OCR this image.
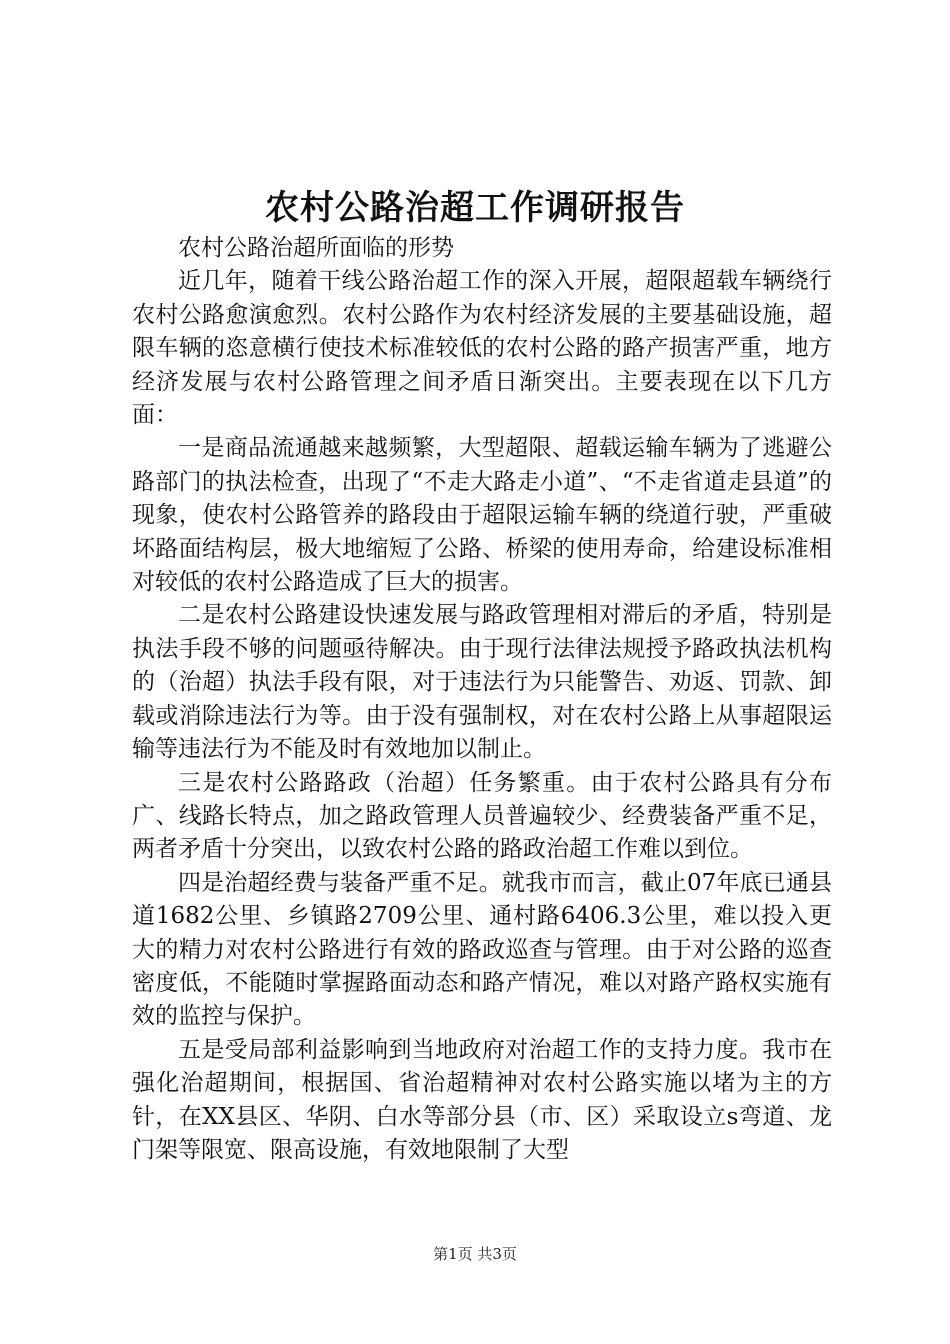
农村公路治超工作调研报告

农村公路治超所面临的形势

近几年，随着干线公路治超工作的深入开展，超限超载车辆绕行农村公路愈演愈烈。农村公路作为农村经济发展的主要基础设施，超限车辆的恣意横行使技术标准较低的农村公路的路产损害严重，地方经济发展与农村公路管理之间矛盾日渐突出。主要表现在以下几方面：

一是商品流通越来越频繁，大型超限、超载运输车辆为了逃避公路部门的执法检查，出现了“不走大路走小道”、“不走省道走县道”的现象，使农村公路管养的路段由于超限运输车辆的绕道行驶，严重破坏路面结构层，极大地缩短了公路、桥梁的使用寿命，给建设标准相对较低的农村公路造成了巨大的损害。

二是农村公路建设快速发展与路政管理相对滞后的矛盾，特别是执法手段不够的问题亟待解决。由于现行法律法规授予路政执法机构的（治超）执法手段有限，对于违法行为只能警告、劝返、罚款、卸载或消除违法行为等。由于没有强制权，对在农村公路上从事超限运输等违法行为不能及时有效地加以制止。

三是农村公路路政（治超）任务繁重。由于农村公路具有分布广、线路长特点，加之路政管理人员普遍较少、经费装备严重不足，两者矛盾十分突出，以致农村公路的路政治超工作难以到位。

四是治超经费与装备严重不足。就我市而言，截止07年底已通县道1682公里、乡镇路2709公里、通村路6406.3公里，难以投入更大的精力对农村公路进行有效的路政巡查与管理。由于对公路的巡查密度低，不能随时掌握路面动态和路产情况，难以对路产路权实施有效的监控与保护。

五是受局部利益影响到当地政府对治超工作的支持力度。我市在强化治超期间，根据国、省治超精神对农村公路实施以堵为主的方针，在XX县区、华阴、白水等部分县（市、区）采取设立s弯道、龙门架等限宽、限高设施，有效地限制了大型

第1页 共3页
